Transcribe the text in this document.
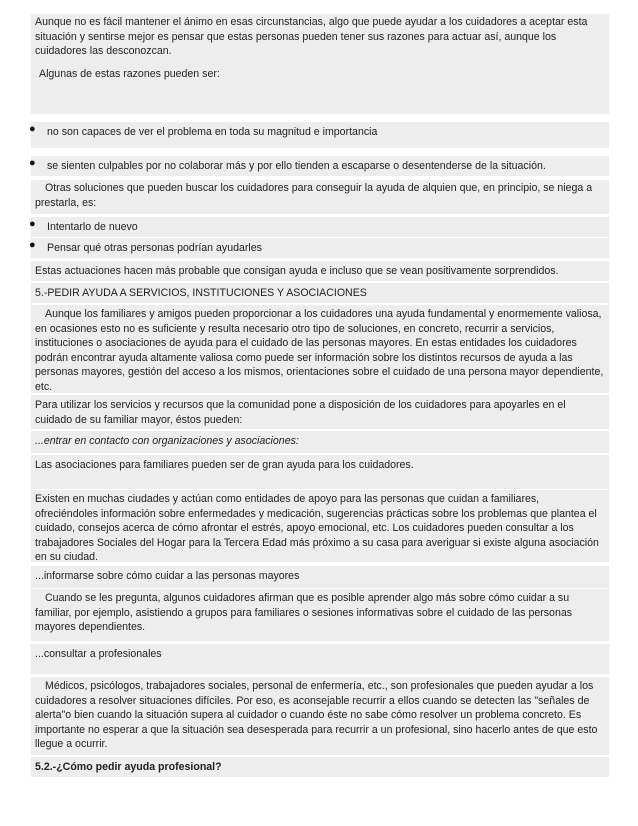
Aunque no es fácil mantener el ánimo en esas circunstancias, algo que puede ayudar a los cuidadores a aceptar esta situación y sentirse mejor es pensar que estas personas pueden tener sus razones para actuar así, aunque los cuidadores las desconozcan.
Algunas de estas razones pueden ser:
● no son capaces de ver el problema en toda su magnitud e importancia
● se sienten culpables por no colaborar más y por ello tienden a escaparse o desentenderse de la situación.
Otras soluciones que pueden buscar los cuidadores para conseguir la ayuda de alquien que, en principio, se niega a prestarla, es:
● Intentarlo de nuevo
● Pensar qué otras personas podrían ayudarles
Estas actuaciones hacen más probable que consigan ayuda e incluso que se vean positivamente sorprendidos.
5.-PEDIR AYUDA A SERVICIOS, INSTITUCIONES Y ASOCIACIONES
Aunque los familiares y amigos pueden proporcionar a los cuidadores una ayuda fundamental y enormemente valiosa, en ocasiones esto no es suficiente y resulta necesario otro tipo de soluciones, en concreto, recurrir a servicios, instituciones o asociaciones de ayuda para el cuidado de las personas mayores. En estas entidades los cuidadores podrán encontrar ayuda altamente valiosa como puede ser información sobre los distintos recursos de ayuda a las personas mayores, gestión del acceso a los mismos, orientaciones sobre el cuidado de una persona mayor dependiente, etc.
Para utilizar los servicios y recursos que la comunidad pone a disposición de los cuidadores para apoyarles en el cuidado de su familiar mayor, éstos pueden:
...entrar en contacto con organizaciones y asociaciones:
Las asociaciones para familiares pueden ser de gran ayuda para los cuidadores.
Existen en muchas ciudades y actúan como entidades de apoyo para las personas que cuidan a familiares, ofreciéndoles información sobre enfermedades y medicación, sugerencias prácticas sobre los problemas que plantea el cuidado, consejos acerca de cómo afrontar el estrés, apoyo emocional, etc. Los cuidadores pueden consultar a los trabajadores Sociales del Hogar para la Tercera Edad más próximo a su casa para averiguar si existe alguna asociación en su ciudad.
...informarse sobre cómo cuidar a las personas mayores
Cuando se les pregunta, algunos cuidadores afirman que es posible aprender algo más sobre cómo cuidar a su familiar, por ejemplo, asistiendo a grupos para familiares o sesiones informativas sobre el cuidado de las personas mayores dependientes.
...consultar a profesionales
Médicos, psicólogos, trabajadores sociales, personal de enfermería, etc., son profesionales que pueden ayudar a los cuidadores a resolver situaciones difíciles. Por eso, es aconsejable recurrir a ellos cuando se detecten las "señales de alerta"o bien cuando la situación supera al cuidador o cuando éste no sabe cómo resolver un problema concreto. Es importante no esperar a que la situación sea desesperada para recurrir a un profesional, sino hacerlo antes de que esto llegue a ocurrir.
5.2.-¿Cómo pedir ayuda profesional?
